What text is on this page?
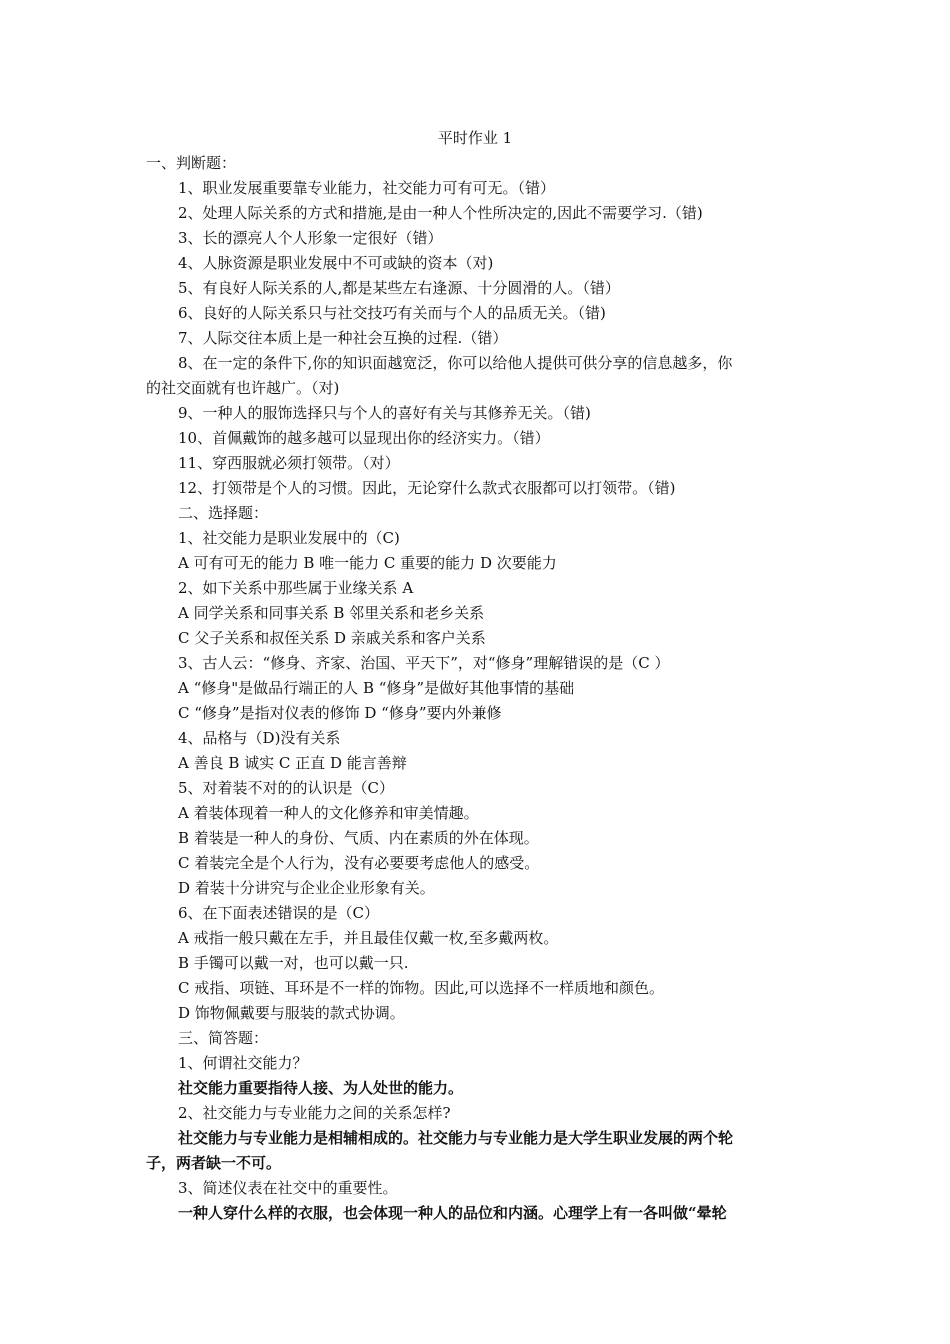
平时作业 1
一、判断题：
1、职业发展重要靠专业能力，社交能力可有可无。（错）
2、处理人际关系的方式和措施,是由一种人个性所决定的,因此不需要学习.（错)
3、长的漂亮人个人形象一定很好（错）
4、人脉资源是职业发展中不可或缺的资本（对)
5、有良好人际关系的人,都是某些左右逢源、十分圆滑的人。（错）
6、良好的人际关系只与社交技巧有关而与个人的品质无关。（错)
7、人际交往本质上是一种社会互换的过程.（错）
8、在一定的条件下,你的知识面越宽泛，你可以给他人提供可供分享的信息越多，你
的社交面就有也许越广。（对)
9、一种人的服饰选择只与个人的喜好有关与其修养无关。（错)
10、首佩戴饰的越多越可以显现出你的经济实力。（错）
11、穿西服就必须打领带。（对）
12、打领带是个人的习惯。因此，无论穿什么款式衣服都可以打领带。（错)
二、选择题：
1、社交能力是职业发展中的（C)
A 可有可无的能力 B 唯一能力 C 重要的能力 D 次要能力
2、如下关系中那些属于业缘关系 A
A 同学关系和同事关系 B 邻里关系和老乡关系
C 父子关系和叔侄关系 D 亲戚关系和客户关系
3、古人云：“修身、齐家、治国、平天下”，对“修身”理解错误的是（C ）
A “修身"是做品行端正的人 B “修身”是做好其他事情的基础
C “修身”是指对仪表的修饰 D “修身”要内外兼修
4、品格与（D)没有关系
A 善良 B 诚实 C 正直 D 能言善辩
5、对着装不对的的认识是（C）
A 着装体现着一种人的文化修养和审美情趣。
B 着装是一种人的身份、气质、内在素质的外在体现。
C 着装完全是个人行为，没有必要要考虑他人的感受。
D 着装十分讲究与企业企业形象有关。
6、在下面表述错误的是（C）
A 戒指一般只戴在左手，并且最佳仅戴一枚,至多戴两枚。
B 手镯可以戴一对，也可以戴一只.
C 戒指、项链、耳环是不一样的饰物。因此,可以选择不一样质地和颜色。
D 饰物佩戴要与服装的款式协调。
三、简答题：
1、何谓社交能力？
社交能力重要指待人接、为人处世的能力。
2、社交能力与专业能力之间的关系怎样?
社交能力与专业能力是相辅相成的。社交能力与专业能力是大学生职业发展的两个轮
子，两者缺一不可。
3、简述仪表在社交中的重要性。
一种人穿什么样的衣服，也会体现一种人的品位和内涵。心理学上有一各叫做“晕轮
